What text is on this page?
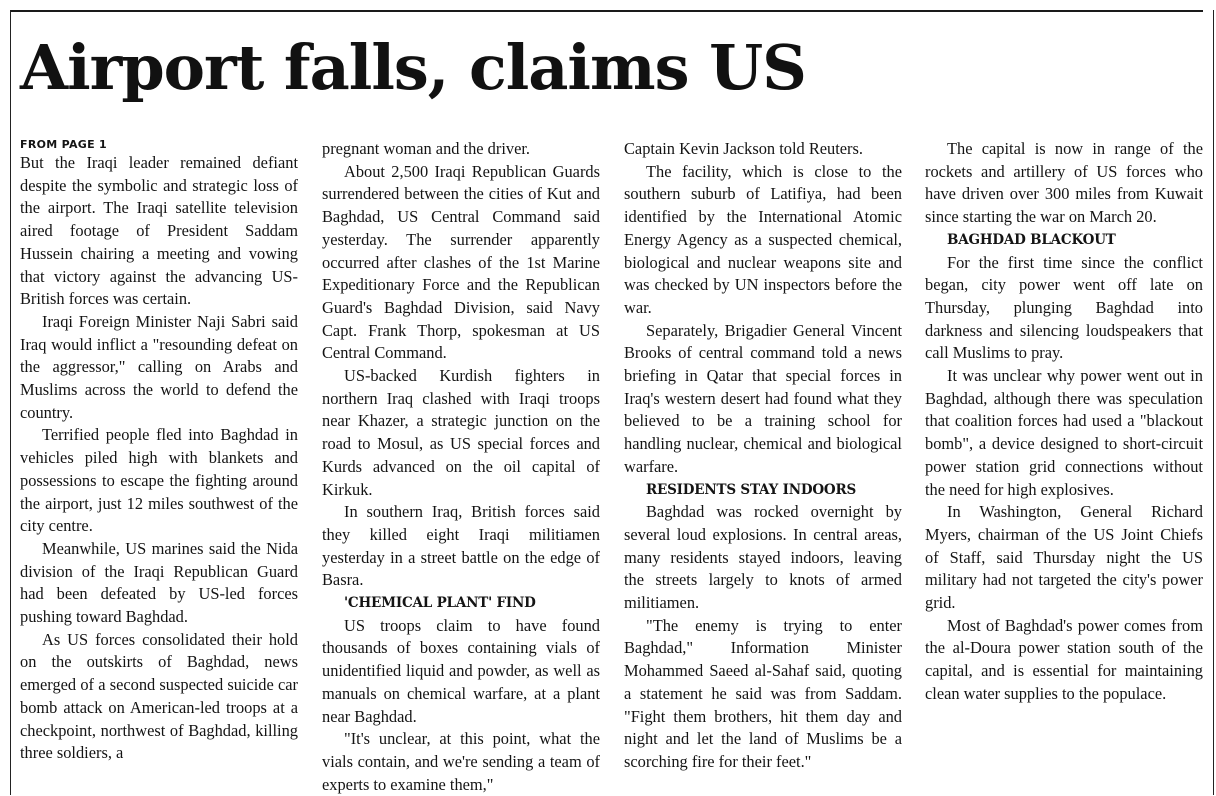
Airport falls, claims US
FROM PAGE 1

But the Iraqi leader remained defiant despite the symbolic and strategic loss of the airport. The Iraqi satellite television aired footage of President Saddam Hussein chairing a meeting and vowing that victory against the advancing US-British forces was certain.

Iraqi Foreign Minister Naji Sabri said Iraq would inflict a "resounding defeat on the aggressor," calling on Arabs and Muslims across the world to defend the country.

Terrified people fled into Baghdad in vehicles piled high with blankets and possessions to escape the fighting around the airport, just 12 miles southwest of the city centre.

Meanwhile, US marines said the Nida division of the Iraqi Republican Guard had been defeated by US-led forces pushing toward Baghdad.

As US forces consolidated their hold on the outskirts of Baghdad, news emerged of a second suspected suicide car bomb attack on American-led troops at a checkpoint, northwest of Baghdad, killing three soldiers, a

pregnant woman and the driver.

About 2,500 Iraqi Republican Guards surrendered between the cities of Kut and Baghdad, US Central Command said yesterday. The surrender apparently occurred after clashes of the 1st Marine Expeditionary Force and the Republican Guard's Baghdad Division, said Navy Capt. Frank Thorp, spokesman at US Central Command.

US-backed Kurdish fighters in northern Iraq clashed with Iraqi troops near Khazer, a strategic junction on the road to Mosul, as US special forces and Kurds advanced on the oil capital of Kirkuk.

In southern Iraq, British forces said they killed eight Iraqi militiamen yesterday in a street battle on the edge of Basra.

'CHEMICAL PLANT' FIND

US troops claim to have found thousands of boxes containing vials of unidentified liquid and powder, as well as manuals on chemical warfare, at a plant near Baghdad.

"It's unclear, at this point, what the vials contain, and we're sending a team of experts to examine them,"

Captain Kevin Jackson told Reuters.

The facility, which is close to the southern suburb of Latifiya, had been identified by the International Atomic Energy Agency as a suspected chemical, biological and nuclear weapons site and was checked by UN inspectors before the war.

Separately, Brigadier General Vincent Brooks of central command told a news briefing in Qatar that special forces in Iraq's western desert had found what they believed to be a training school for handling nuclear, chemical and biological warfare.

RESIDENTS STAY INDOORS

Baghdad was rocked overnight by several loud explosions. In central areas, many residents stayed indoors, leaving the streets largely to knots of armed militiamen.

"The enemy is trying to enter Baghdad," Information Minister Mohammed Saeed al-Sahaf said, quoting a statement he said was from Saddam. "Fight them brothers, hit them day and night and let the land of Muslims be a scorching fire for their feet."

The capital is now in range of the rockets and artillery of US forces who have driven over 300 miles from Kuwait since starting the war on March 20.

BAGHDAD BLACKOUT

For the first time since the conflict began, city power went off late on Thursday, plunging Baghdad into darkness and silencing loudspeakers that call Muslims to pray.

It was unclear why power went out in Baghdad, although there was speculation that coalition forces had used a "blackout bomb", a device designed to short-circuit power station grid connections without the need for high explosives.

In Washington, General Richard Myers, chairman of the US Joint Chiefs of Staff, said Thursday night the US military had not targeted the city's power grid.

Most of Baghdad's power comes from the al-Doura power station south of the capital, and is essential for maintaining clean water supplies to the populace.
